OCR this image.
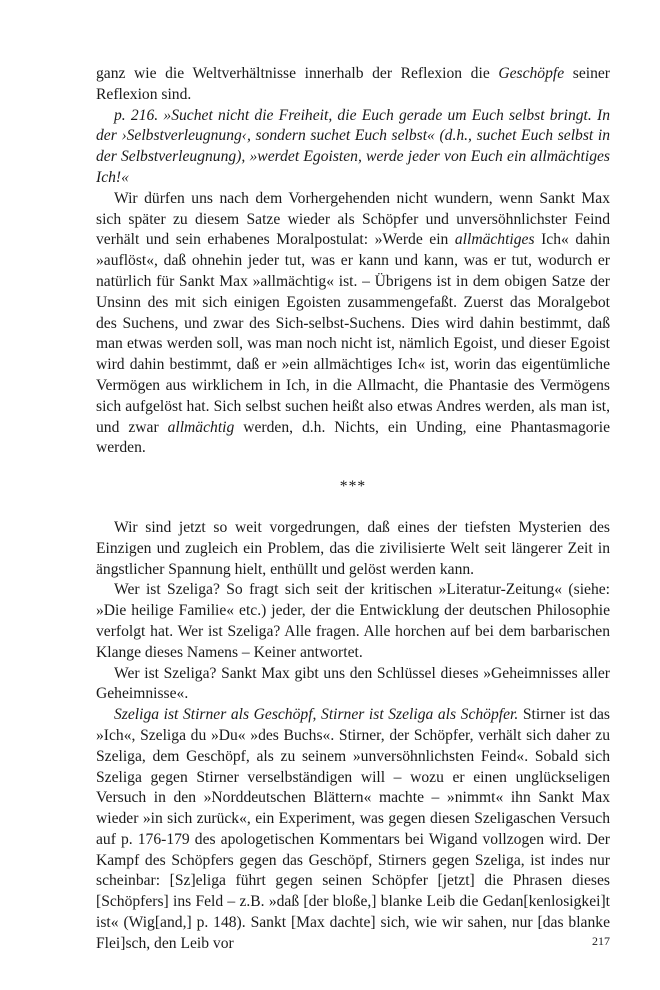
ganz wie die Weltverhältnisse innerhalb der Reflexion die Geschöpfe seiner Reflexion sind.

p. 216. »Suchet nicht die Freiheit, die Euch gerade um Euch selbst bringt. In der ›Selbstverleugnung‹, sondern suchet Euch selbst« (d.h., suchet Euch selbst in der Selbstverleugnung), »werdet Egoisten, werde jeder von Euch ein allmächtiges Ich!«

Wir dürfen uns nach dem Vorhergehenden nicht wundern, wenn Sankt Max sich später zu diesem Satze wieder als Schöpfer und unversöhnlichster Feind verhält und sein erhabenes Moralpostulat: »Werde ein allmächtiges Ich« dahin »auflöst«, daß ohnehin jeder tut, was er kann und kann, was er tut, wodurch er natürlich für Sankt Max »allmächtig« ist. – Übrigens ist in dem obigen Satze der Unsinn des mit sich einigen Egoisten zusammengefaßt. Zuerst das Moralgebot des Suchens, und zwar des Sich-selbst-Suchens. Dies wird dahin bestimmt, daß man etwas werden soll, was man noch nicht ist, nämlich Egoist, und dieser Egoist wird dahin bestimmt, daß er »ein allmächtiges Ich« ist, worin das eigentümliche Vermögen aus wirklichem in Ich, in die Allmacht, die Phantasie des Vermögens sich aufgelöst hat. Sich selbst suchen heißt also etwas Andres werden, als man ist, und zwar allmächtig werden, d.h. Nichts, ein Unding, eine Phantasmagorie werden.

***

Wir sind jetzt so weit vorgedrungen, daß eines der tiefsten Mysterien des Einzigen und zugleich ein Problem, das die zivilisierte Welt seit längerer Zeit in ängstlicher Spannung hielt, enthüllt und gelöst werden kann.

Wer ist Szeliga? So fragt sich seit der kritischen »Literatur-Zeitung« (siehe: »Die heilige Familie« etc.) jeder, der die Entwicklung der deutschen Philosophie verfolgt hat. Wer ist Szeliga? Alle fragen. Alle horchen auf bei dem barbarischen Klange dieses Namens – Keiner antwortet.

Wer ist Szeliga? Sankt Max gibt uns den Schlüssel dieses »Geheimnisses aller Geheimnisse«.

Szeliga ist Stirner als Geschöpf, Stirner ist Szeliga als Schöpfer. Stirner ist das »Ich«, Szeliga du »Du« »des Buchs«. Stirner, der Schöpfer, verhält sich daher zu Szeliga, dem Geschöpf, als zu seinem »unversöhnlichsten Feind«. Sobald sich Szeliga gegen Stirner verselbständigen will – wozu er einen unglückseligen Versuch in den »Norddeutschen Blättern« machte – »nimmt« ihn Sankt Max wieder »in sich zurück«, ein Experiment, was gegen diesen Szeligaschen Versuch auf p. 176-179 des apologetischen Kommentars bei Wigand vollzogen wird. Der Kampf des Schöpfers gegen das Geschöpf, Stirners gegen Szeliga, ist indes nur scheinbar: [Sz]eliga führt gegen seinen Schöpfer [jetzt] die Phrasen dieses [Schöpfers] ins Feld – z.B. »daß [der bloße,] blanke Leib die Gedan[kenlosigkei]t ist« (Wig[and,] p. 148). Sankt [Max dachte] sich, wie wir sahen, nur [das blanke Flei]sch, den Leib vor	217
